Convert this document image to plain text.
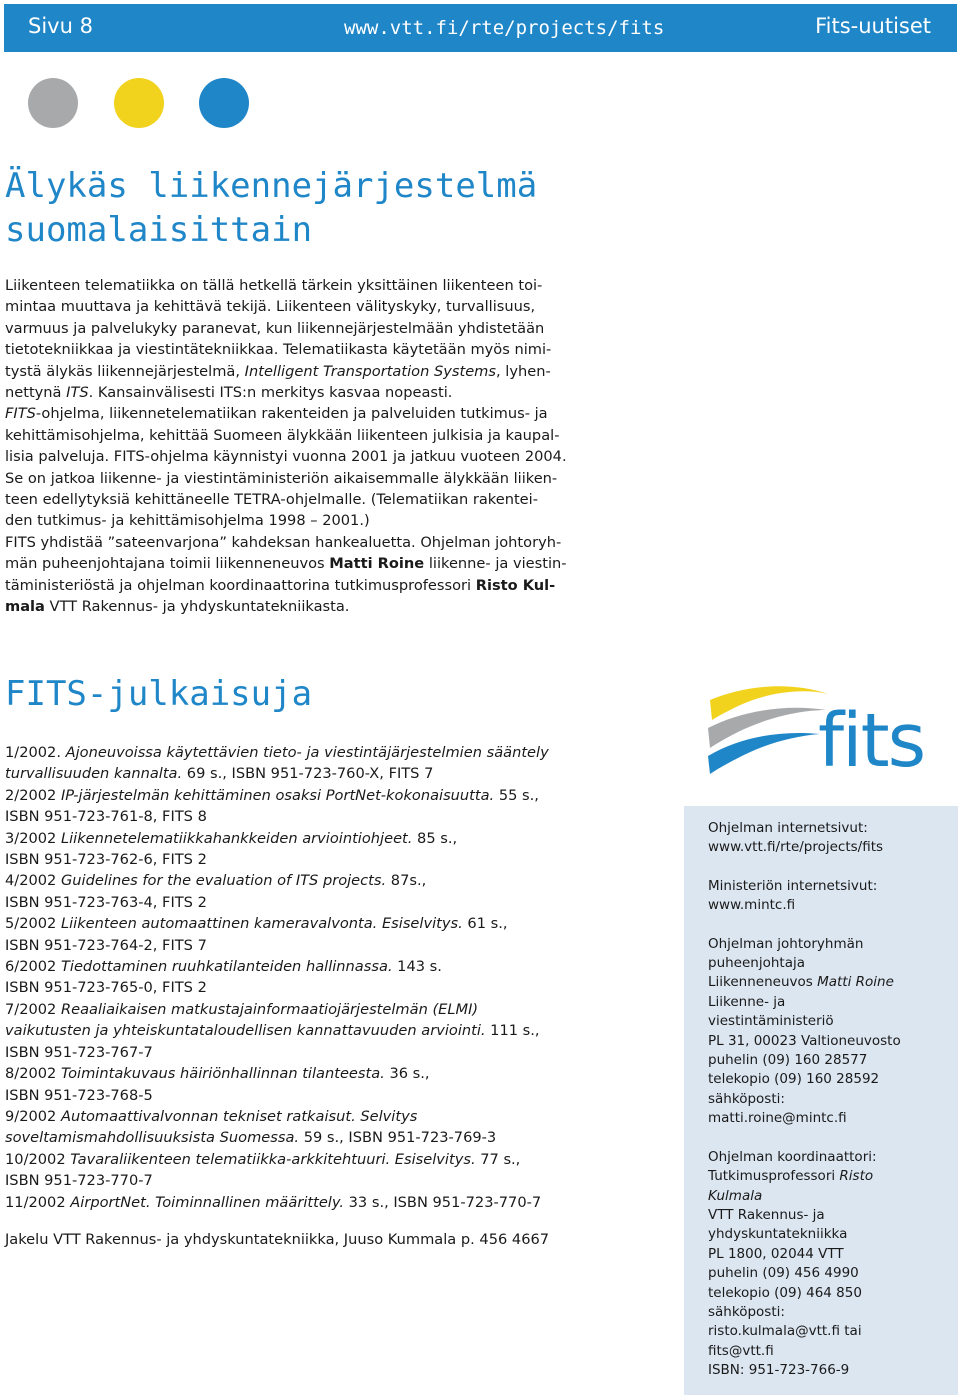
Sivu 8	www.vtt.fi/rte/projects/fits	Fits-uutiset
Älykäs liikennejärjestelmä
suomalaisittain
Liikenteen telematiikka on tällä hetkellä tärkein yksittäinen liikenteen toi-
mintaa muuttava ja kehittävä tekijä. Liikenteen välityskyky, turvallisuus,
varmuus ja palvelukyky paranevat, kun liikennejärjestelmään yhdistetään
tietotekniikkaa ja viestintätekniikkaa. Telematiikasta käytetään myös nimi-
tystä älykäs liikennejärjestelmä, Intelligent Transportation Systems, lyhen-
nettynä ITS. Kansainvälisesti ITS:n merkitys kasvaa nopeasti.
FITS-ohjelma, liikennetelematiikan rakenteiden ja palveluiden tutkimus- ja
kehittämisohjelma, kehittää Suomeen älykkään liikenteen julkisia ja kaupal-
lisia palveluja. FITS-ohjelma käynnistyi vuonna 2001 ja jatkuu vuoteen 2004.
Se on jatkoa liikenne- ja viestintäministeriön aikaisemmalle älykkään liiken-
teen edellytyksiä kehittäneelle TETRA-ohjelmalle. (Telematiikan rakentei-
den tutkimus- ja kehittämisohjelma 1998 – 2001.)
FITS yhdistää ”sateenvarjona” kahdeksan hankealuetta. Ohjelman johtoryh-
män puheenjohtajana toimii liikenneneuvos Matti Roine liikenne- ja viestin-
täministeriöstä ja ohjelman koordinaattorina tutkimusprofessori Risto Kul-
mala VTT Rakennus- ja yhdyskuntatekniikasta.
FITS-julkaisuja
1/2002. Ajoneuvoissa käytettävien tieto- ja viestintäjärjestelmien sääntely
turvallisuuden kannalta. 69 s., ISBN 951-723-760-X, FITS 7
2/2002 IP-järjestelmän kehittäminen osaksi PortNet-kokonaisuutta. 55 s.,
ISBN 951-723-761-8, FITS 8
3/2002 Liikennetelematiikkahankkeiden arviointiohjeet. 85 s.,
ISBN 951-723-762-6, FITS 2
4/2002 Guidelines for the evaluation of ITS projects. 87s.,
ISBN 951-723-763-4, FITS 2
5/2002 Liikenteen automaattinen kameravalvonta. Esiselvitys. 61 s.,
ISBN 951-723-764-2, FITS 7
6/2002 Tiedottaminen ruuhkatilanteiden hallinnassa. 143 s.
ISBN 951-723-765-0, FITS 2
7/2002 Reaaliaikaisen matkustajainformaatiojärjestelmän (ELMI)
vaikutusten ja yhteiskuntataloudellisen kannattavuuden arviointi. 111 s.,
ISBN 951-723-767-7
8/2002 Toimintakuvaus häiriönhallinnan tilanteesta. 36 s.,
ISBN 951-723-768-5
9/2002 Automaattivalvonnan tekniset ratkaisut. Selvitys
soveltamismahdollisuuksista Suomessa. 59 s., ISBN 951-723-769-3
10/2002 Tavaraliikenteen telematiikka-arkkitehtuuri. Esiselvitys. 77 s.,
ISBN 951-723-770-7
11/2002 AirportNet. Toiminnallinen määrittely. 33 s., ISBN 951-723-770-7
Jakelu VTT Rakennus- ja yhdyskuntatekniikka, Juuso Kummala p. 456 4667
fits
Ohjelman internetsivut:
www.vtt.fi/rte/projects/fits
Ministeriön internetsivut:
www.mintc.fi
Ohjelman johtoryhmän
puheenjohtaja
Liikenneneuvos Matti Roine
Liikenne- ja
viestintäministeriö
PL 31, 00023 Valtioneuvosto
puhelin (09) 160 28577
telekopio (09) 160 28592
sähköposti:
matti.roine@mintc.fi
Ohjelman koordinaattori:
Tutkimusprofessori Risto
Kulmala
VTT Rakennus- ja
yhdyskuntatekniikka
PL 1800, 02044 VTT
puhelin (09) 456 4990
telekopio (09) 464 850
sähköposti:
risto.kulmala@vtt.fi tai
fits@vtt.fi
ISBN: 951-723-766-9
